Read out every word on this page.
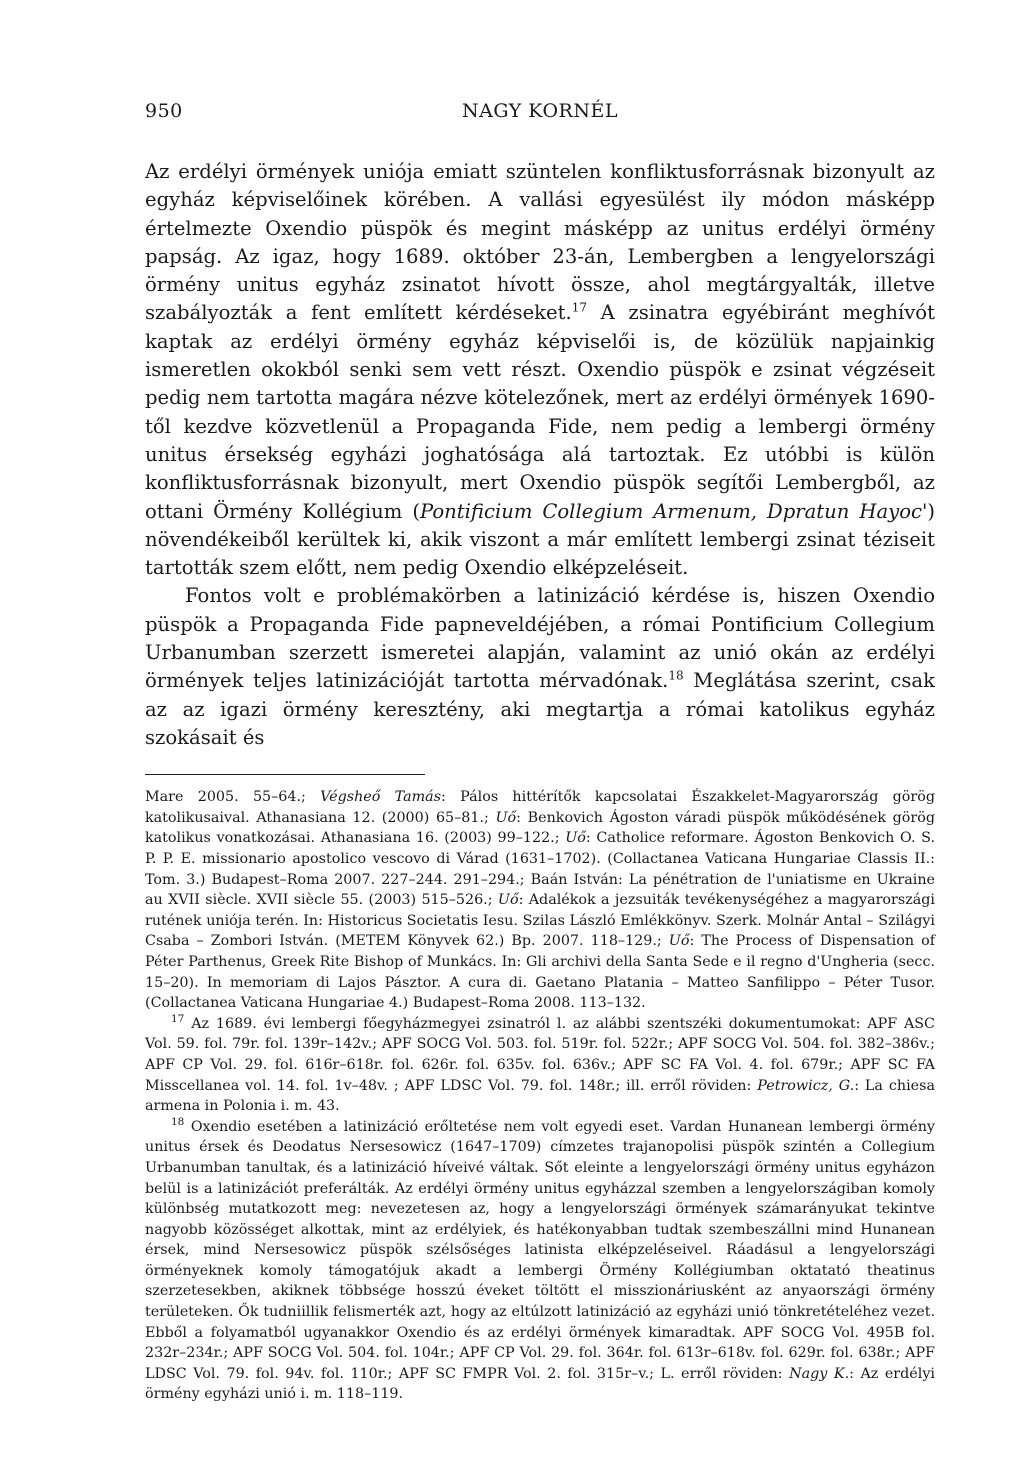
950	NAGY KORNÉL

Az erdélyi örmények uniója emiatt szüntelen konfliktusforrásnak bizonyult az egyház képviselőinek körében. A vallási egyesülést ily módon másképp értelmezte Oxendio püspök és megint másképp az unitus erdélyi örmény papság. Az igaz, hogy 1689. október 23-án, Lembergben a lengyelországi örmény unitus egyház zsinatot hívott össze, ahol megtárgyalták, illetve szabályozták a fent említett kérdéseket.$^{17}$ A zsinatra egyébiránt meghívót kaptak az erdélyi örmény egyház képviselői is, de közülük napjainkig ismeretlen okokból senki sem vett részt. Oxendio püspök e zsinat végzéseit pedig nem tartotta magára nézve kötelezőnek, mert az erdélyi örmények 1690-től kezdve közvetlenül a Propaganda Fide, nem pedig a lembergi örmény unitus érsekség egyházi joghatósága alá tartoztak. Ez utóbbi is külön konfliktusforrásnak bizonyult, mert Oxendio püspök segítői Lembergből, az ottani Örmény Kollégium (Pontificium Collegium Armenum, Dpratun Hayoc') növendékeiből kerültek ki, akik viszont a már említett lembergi zsinat téziseit tartották szem előtt, nem pedig Oxendio elképzeléseit.

Fontos volt e problémakörben a latinizáció kérdése is, hiszen Oxendio püspök a Propaganda Fide papneveldéjében, a római Pontificium Collegium Urbanumban szerzett ismeretei alapján, valamint az unió okán az erdélyi örmények teljes latinizációját tartotta mérvadónak.$^{18}$ Meglátása szerint, csak az az igazi örmény keresztény, aki megtartja a római katolikus egyház szokásait és

Mare 2005. 55–64.; Végsheő Tamás: Pálos hittérítők kapcsolatai Északkelet-Magyarország görög katolikusaival. Athanasiana 12. (2000) 65–81.; Uő: Benkovich Ágoston váradi püspök működésének görög katolikus vonatkozásai. Athanasiana 16. (2003) 99–122.; Uő: Catholice reformare. Ágoston Benkovich O. S. P. P. E. missionario apostolico vescovo di Várad (1631–1702). (Collactanea Vaticana Hungariae Classis II.: Tom. 3.) Budapest–Roma 2007. 227–244. 291–294.; Baán István: La pénétration de l'uniatisme en Ukraine au XVII siècle. XVII siècle 55. (2003) 515–526.; Uő: Adalékok a jezsuiták tevékenységéhez a magyarországi rutének uniója terén. In: Historicus Societatis Iesu. Szilas László Emlékkönyv. Szerk. Molnár Antal – Szilágyi Csaba – Zombori István. (METEM Könyvek 62.) Bp. 2007. 118–129.; Uő: The Process of Dispensation of Péter Parthenus, Greek Rite Bishop of Munkács. In: Gli archivi della Santa Sede e il regno d'Ungheria (secc. 15–20). In memoriam di Lajos Pásztor. A cura di. Gaetano Platania – Matteo Sanfilippo – Péter Tusor. (Collactanea Vaticana Hungariae 4.) Budapest–Roma 2008. 113–132.

$^{17}$ Az 1689. évi lembergi főegyházmegyei zsinatról l. az alábbi szentszéki dokumentumokat: APF ASC Vol. 59. fol. 79r. fol. 139r–142v.; APF SOCG Vol. 503. fol. 519r. fol. 522r.; APF SOCG Vol. 504. fol. 382–386v.; APF CP Vol. 29. fol. 616r–618r. fol. 626r. fol. 635v. fol. 636v.; APF SC FA Vol. 4. fol. 679r.; APF SC FA Misscellanea vol. 14. fol. 1v–48v. ; APF LDSC Vol. 79. fol. 148r.; ill. erről röviden: Petrowicz, G.: La chiesa armena in Polonia i. m. 43.

$^{18}$ Oxendio esetében a latinizáció erőltetése nem volt egyedi eset. Vardan Hunanean lembergi örmény unitus érsek és Deodatus Nersesowicz (1647–1709) címzetes trajanopolisi püspök szintén a Collegium Urbanumban tanultak, és a latinizáció híveivé váltak. Sőt eleinte a lengyelországi örmény unitus egyházon belül is a latinizációt preferálták. Az erdélyi örmény unitus egyházzal szemben a lengyelországiban komoly különbség mutatkozott meg: nevezetesen az, hogy a lengyelországi örmények számarányukat tekintve nagyobb közösséget alkottak, mint az erdélyiek, és hatékonyabban tudtak szembeszállni mind Hunanean érsek, mind Nersesowicz püspök szélsőséges latinista elképzeléseivel. Ráadásul a lengyelországi örményeknek komoly támogatójuk akadt a lembergi Örmény Kollégiumban oktatató theatinus szerzetesekben, akiknek többsége hosszú éveket töltött el misszionáriusként az anyaországi örmény területeken. Ők tudniillik felismerték azt, hogy az eltúlzott latinizáció az egyházi unió tönkretételéhez vezet. Ebből a folyamatból ugyanakkor Oxendio és az erdélyi örmények kimaradtak. APF SOCG Vol. 495B fol. 232r–234r.; APF SOCG Vol. 504. fol. 104r.; APF CP Vol. 29. fol. 364r. fol. 613r–618v. fol. 629r. fol. 638r.; APF LDSC Vol. 79. fol. 94v. fol. 110r.; APF SC FMPR Vol. 2. fol. 315r–v.; L. erről röviden: Nagy K.: Az erdélyi örmény egyházi unió i. m. 118–119.
